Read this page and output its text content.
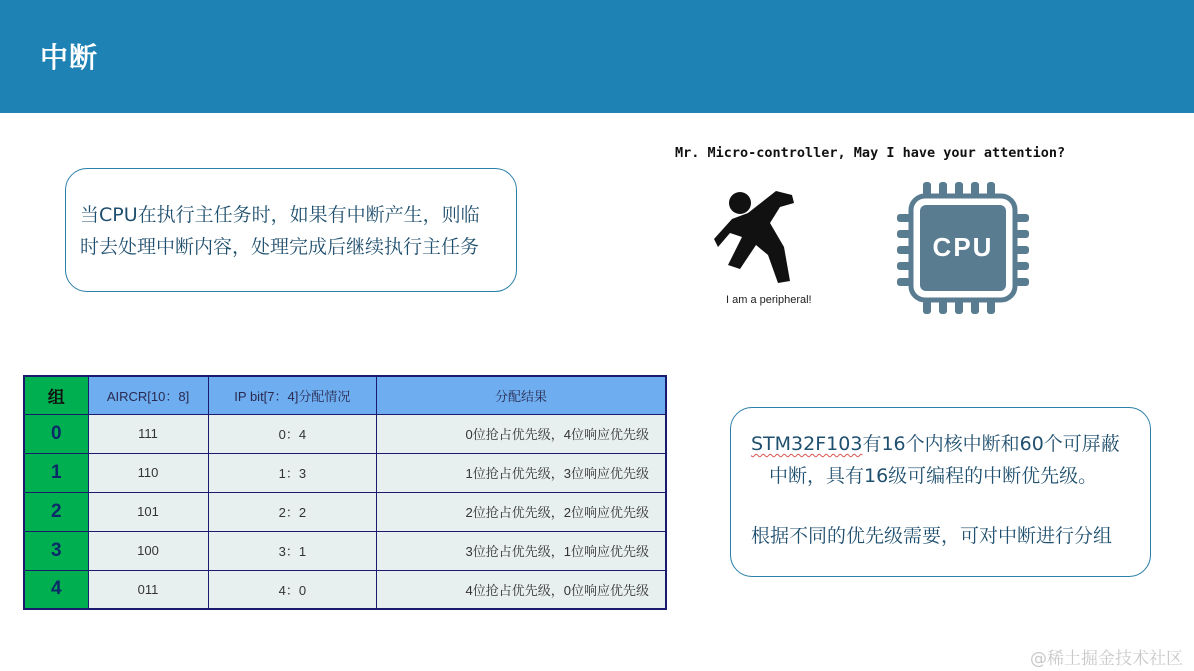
中断
当CPU在执行主任务时，如果有中断产生，则临
时去处理中断内容，处理完成后继续执行主任务
Mr. Micro-controller, May I have your attention?
I am a peripheral!
CPU
组	AIRCR[10：8]	IP bit[7：4]分配情况	分配结果
0	111	0：4	0位抢占优先级，4位响应优先级
1	110	1：3	1位抢占优先级，3位响应优先级
2	101	2：2	2位抢占优先级，2位响应优先级
3	100	3：1	3位抢占优先级，1位响应优先级
4	011	4：0	4位抢占优先级，0位响应优先级
STM32F103有16个内核中断和60个可屏蔽
中断，具有16级可编程的中断优先级。
根据不同的优先级需要，可对中断进行分组
@稀土掘金技术社区
